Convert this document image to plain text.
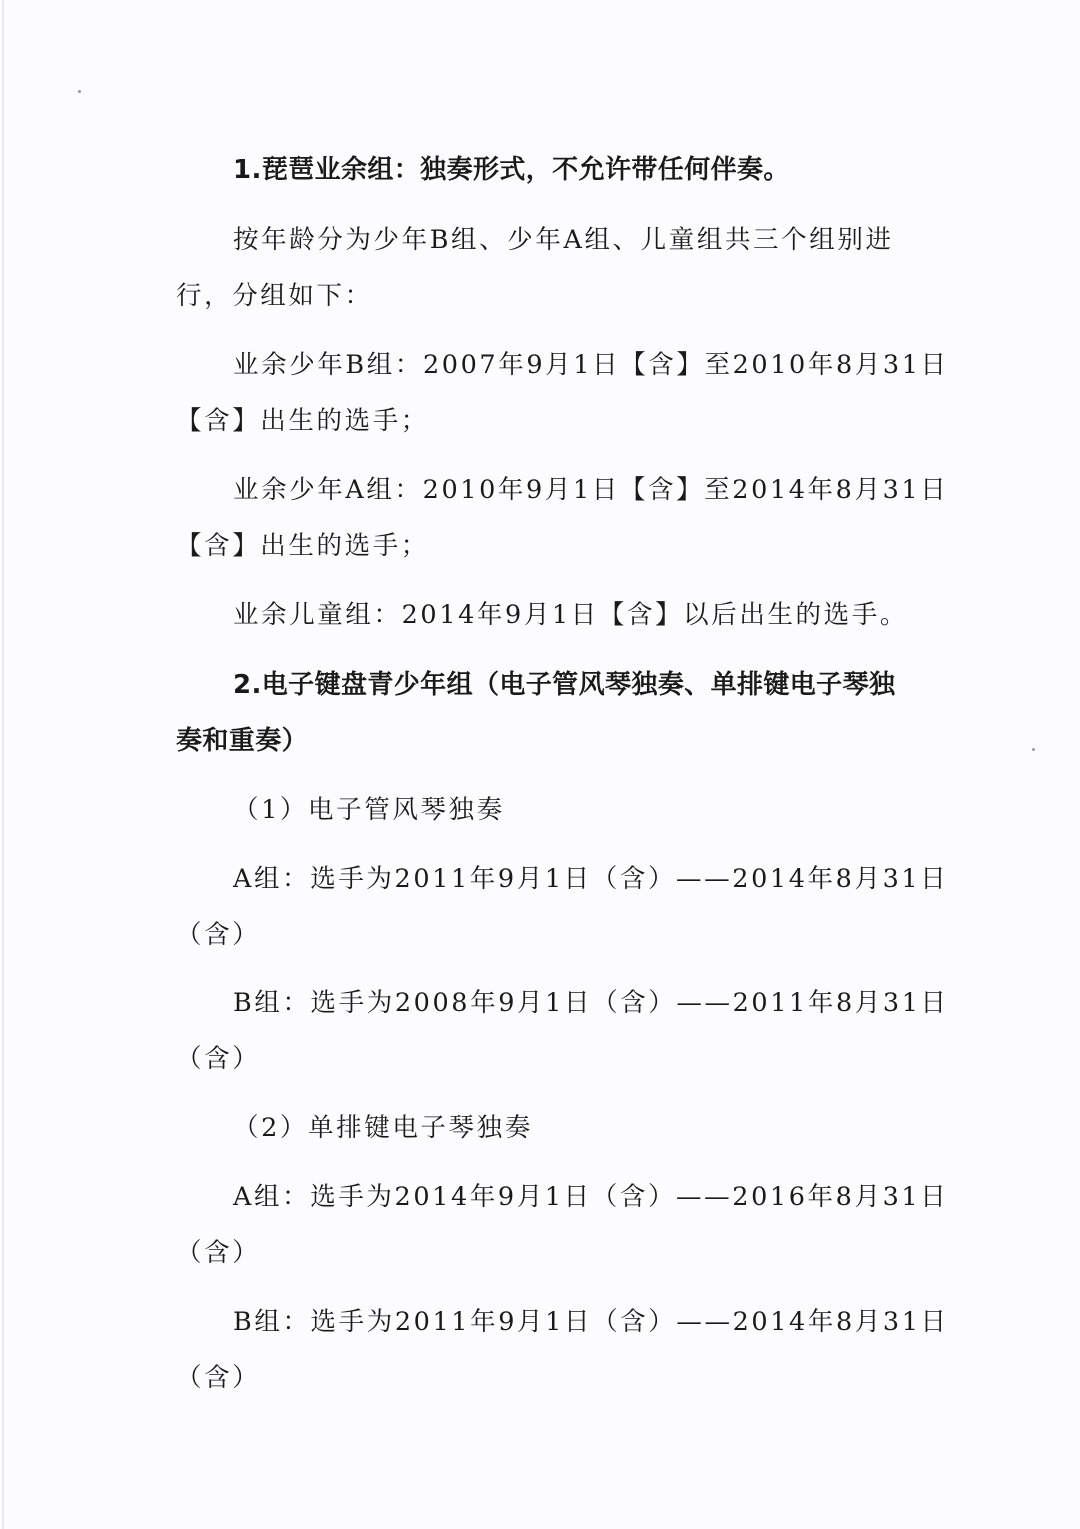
1.琵琶业余组：独奏形式，不允许带任何伴奏。
按年龄分为少年B组、少年A组、儿童组共三个组别进
行，分组如下：
业余少年B组：2007年9月1日【含】至2010年8月31日
【含】出生的选手；
业余少年A组：2010年9月1日【含】至2014年8月31日
【含】出生的选手；
业余儿童组：2014年9月1日【含】以后出生的选手。
2.电子键盘青少年组（电子管风琴独奏、单排键电子琴独
奏和重奏）
（1）电子管风琴独奏
A组：选手为2011年9月1日（含）——2014年8月31日
（含）
B组：选手为2008年9月1日（含）——2011年8月31日
（含）
（2）单排键电子琴独奏
A组：选手为2014年9月1日（含）——2016年8月31日
（含）
B组：选手为2011年9月1日（含）——2014年8月31日
（含）
